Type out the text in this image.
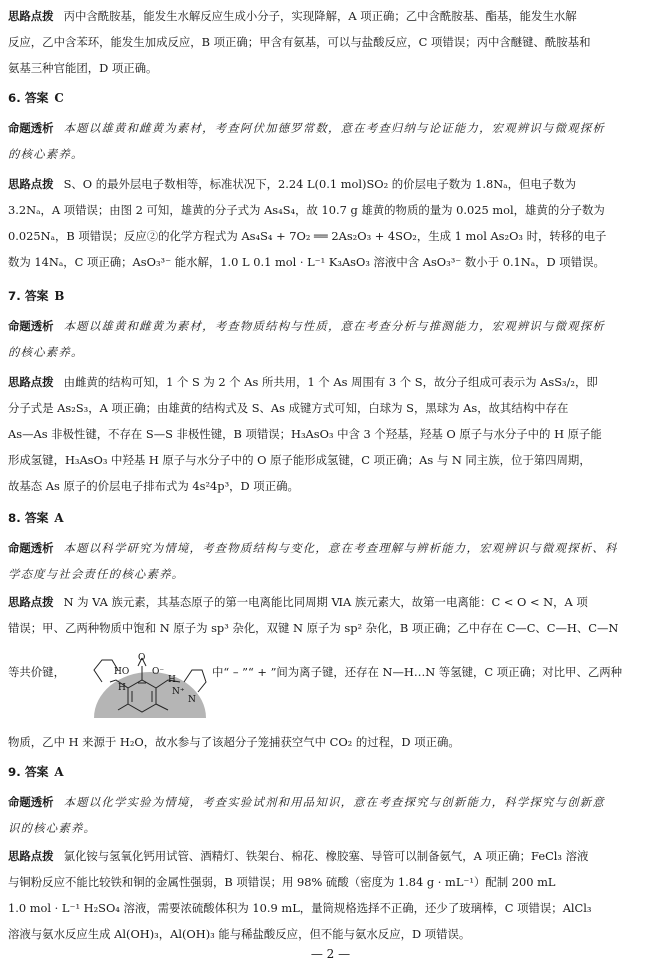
思路点拨 丙中含酰胺基，能发生水解反应生成小分子，实现降解，A 项正确；乙中含酰胺基、酯基，能发生水解

反应，乙中含苯环，能发生加成反应，B 项正确；甲含有氨基，可以与盐酸反应，C 项错误；丙中含醚键、酰胺基和

氨基三种官能团，D 项正确。

6. 答案 C

命题透析 本题以雄黄和雌黄为素材，考查阿伏加德罗常数，意在考查归纳与论证能力，宏观辨识与微观探析

的核心素养。

思路点拨 S、O 的最外层电子数相等，标准状况下，2.24 L(0.1 mol)SO₂ 的价层电子数为 1.8Nₐ，但电子数为

3.2Nₐ，A 项错误；由图 2 可知，雄黄的分子式为 As₄S₄，故 10.7 g 雄黄的物质的量为 0.025 mol，雄黄的分子数为

0.025Nₐ，B 项错误；反应②的化学方程式为 As₄S₄ + 7O₂ ══ 2As₂O₃ + 4SO₂，生成 1 mol As₂O₃ 时，转移的电子

数为 14Nₐ，C 项正确；AsO₃³⁻ 能水解，1.0 L 0.1 mol · L⁻¹ K₃AsO₃ 溶液中含 AsO₃³⁻ 数小于 0.1Nₐ，D 项错误。

7. 答案 B

命题透析 本题以雄黄和雌黄为素材，考查物质结构与性质，意在考查分析与推测能力，宏观辨识与微观探析

的核心素养。

思路点拨 由雌黄的结构可知，1 个 S 为 2 个 As 所共用，1 个 As 周围有 3 个 S，故分子组成可表示为 AsS₃/₂，即

分子式是 As₂S₃，A 项正确；由雄黄的结构式及 S、As 成键方式可知，白球为 S，黑球为 As，故其结构中存在

As—As 非极性键，不存在 S—S 非极性键，B 项错误；H₃AsO₃ 中含 3 个羟基，羟基 O 原子与水分子中的 H 原子能

形成氢键，H₃AsO₃ 中羟基 H 原子与水分子中的 O 原子能形成氢键，C 项正确；As 与 N 同主族，位于第四周期，

故基态 As 原子的价层电子排布式为 4s²4p³，D 项正确。

8. 答案 A

命题透析 本题以科学研究为情境，考查物质结构与变化，意在考查理解与辨析能力，宏观辨识与微观探析、科

学态度与社会责任的核心素养。

思路点拨 N 为 VA 族元素，其基态原子的第一电离能比同周期 ⅥA 族元素大，故第一电离能：C < O < N，A 项

错误；甲、乙两种物质中饱和 N 原子为 sp³ 杂化，双键 N 原子为 sp² 杂化，B 项正确；乙中存在 C—C、C—H、C—N

等共价键，	HO
O
O⁻
H
H
N⁺
N

中“ – ”“ + ”间为离子键，还存在 N—H…N 等氢键，C 项正确；对比甲、乙两种

物质，乙中 H 来源于 H₂O，故水参与了该超分子笼捕获空气中 CO₂ 的过程，D 项正确。

9. 答案 A

命题透析 本题以化学实验为情境，考查实验试剂和用品知识，意在考查探究与创新能力，科学探究与创新意

识的核心素养。

思路点拨 氯化铵与氢氧化钙用试管、酒精灯、铁架台、棉花、橡胶塞、导管可以制备氨气，A 项正确；FeCl₃ 溶液

与铜粉反应不能比较铁和铜的金属性强弱，B 项错误；用 98% 硫酸（密度为 1.84 g · mL⁻¹）配制 200 mL

1.0 mol · L⁻¹ H₂SO₄ 溶液，需要浓硫酸体积为 10.9 mL，量筒规格选择不正确，还少了玻璃棒，C 项错误；AlCl₃

溶液与氨水反应生成 Al(OH)₃，Al(OH)₃ 能与稀盐酸反应，但不能与氨水反应，D 项错误。

— 2 —
